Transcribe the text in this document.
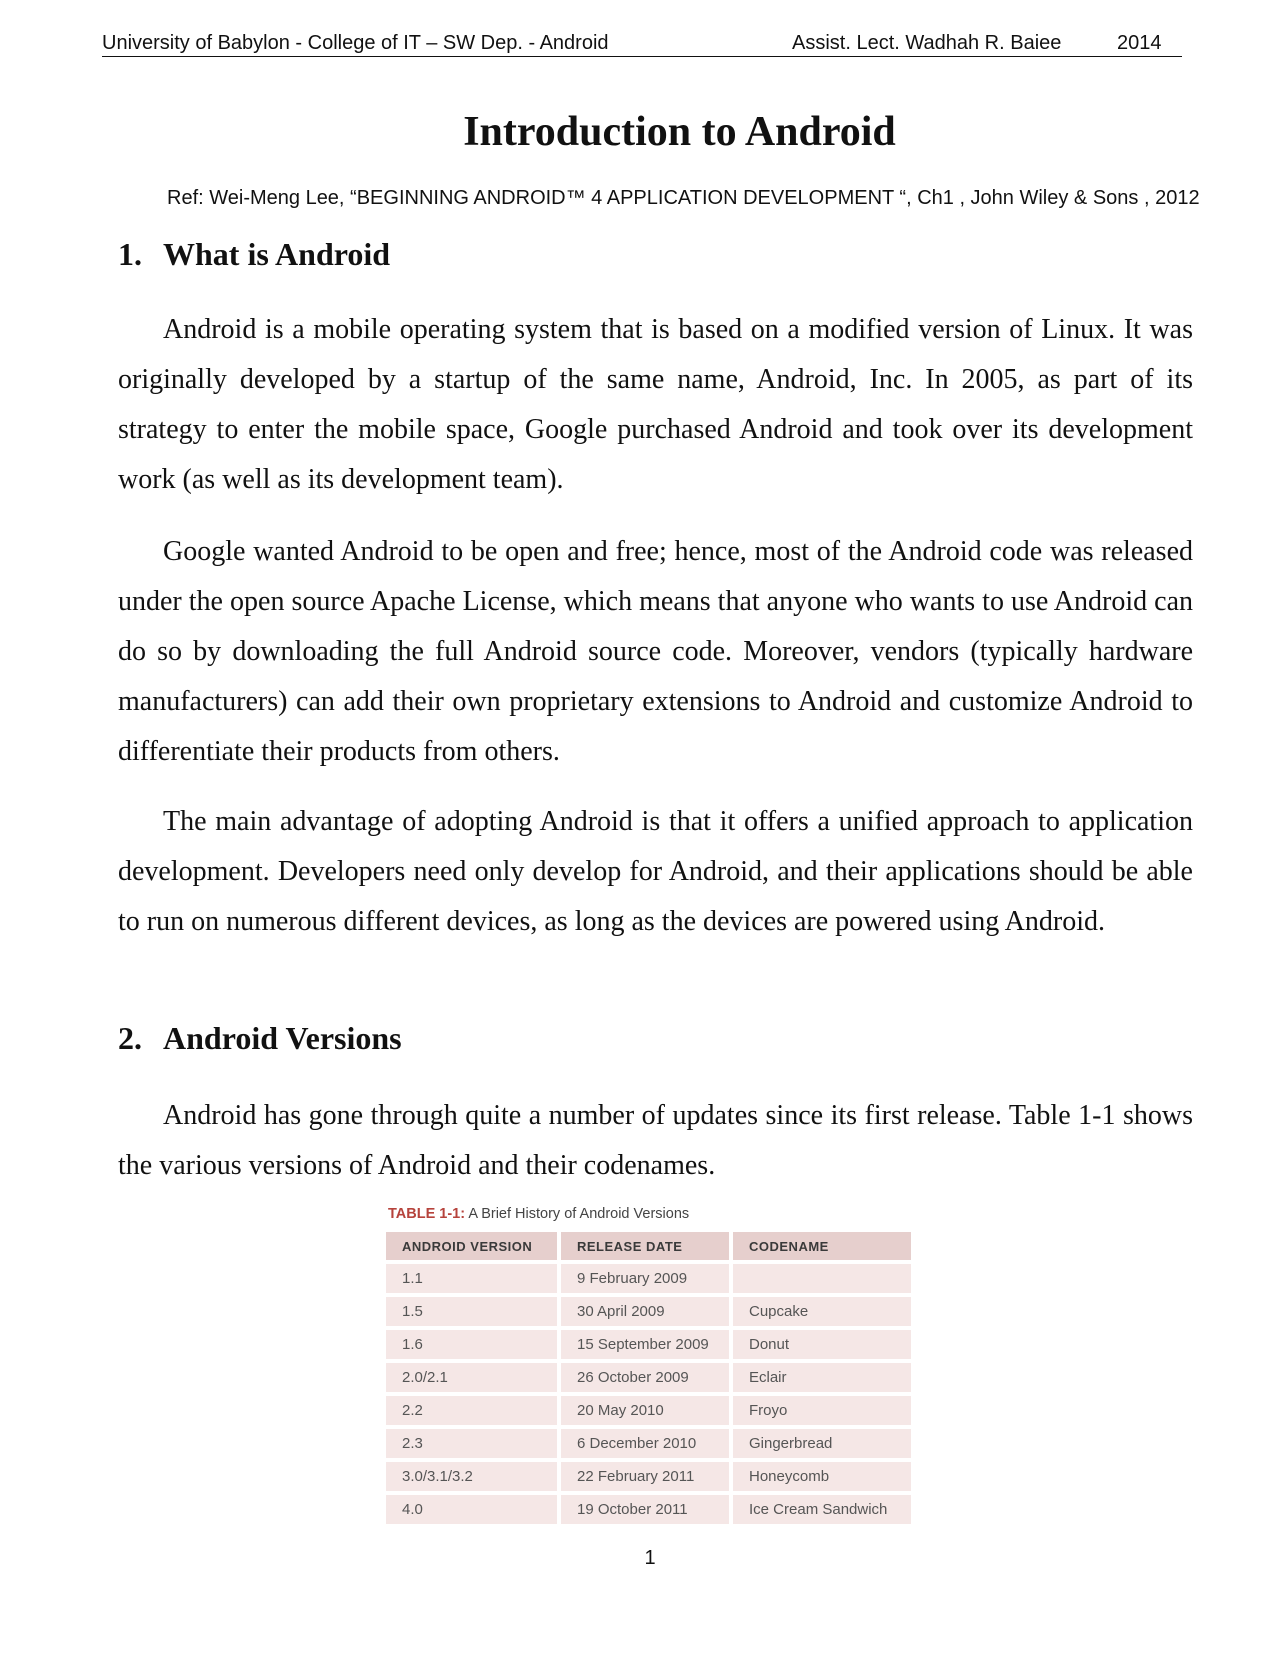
University of Babylon - College of IT – SW Dep. - Android	Assist. Lect. Wadhah R. Baiee	2014
Introduction to Android
Ref: Wei-Meng Lee, “BEGINNING ANDROID™ 4 APPLICATION DEVELOPMENT “, Ch1 , John Wiley & Sons , 2012
1. What is Android

Android is a mobile operating system that is based on a modified version of Linux. It was originally developed by a startup of the same name, Android, Inc. In 2005, as part of its strategy to enter the mobile space, Google purchased Android and took over its development work (as well as its development team).

Google wanted Android to be open and free; hence, most of the Android code was released under the open source Apache License, which means that anyone who wants to use Android can do so by downloading the full Android source code. Moreover, vendors (typically hardware manufacturers) can add their own proprietary extensions to Android and customize Android to differentiate their products from others.

The main advantage of adopting Android is that it offers a unified approach to application development. Developers need only develop for Android, and their applications should be able to run on numerous different devices, as long as the devices are powered using Android.

2. Android Versions

Android has gone through quite a number of updates since its first release. Table 1-1 shows the various versions of Android and their codenames.

TABLE 1-1: A Brief History of Android Versions
ANDROID VERSION	RELEASE DATE	CODENAME
1.1	9 February 2009	
1.5	30 April 2009	Cupcake
1.6	15 September 2009	Donut
2.0/2.1	26 October 2009	Eclair
2.2	20 May 2010	Froyo
2.3	6 December 2010	Gingerbread
3.0/3.1/3.2	22 February 2011	Honeycomb
4.0	19 October 2011	Ice Cream Sandwich
1
